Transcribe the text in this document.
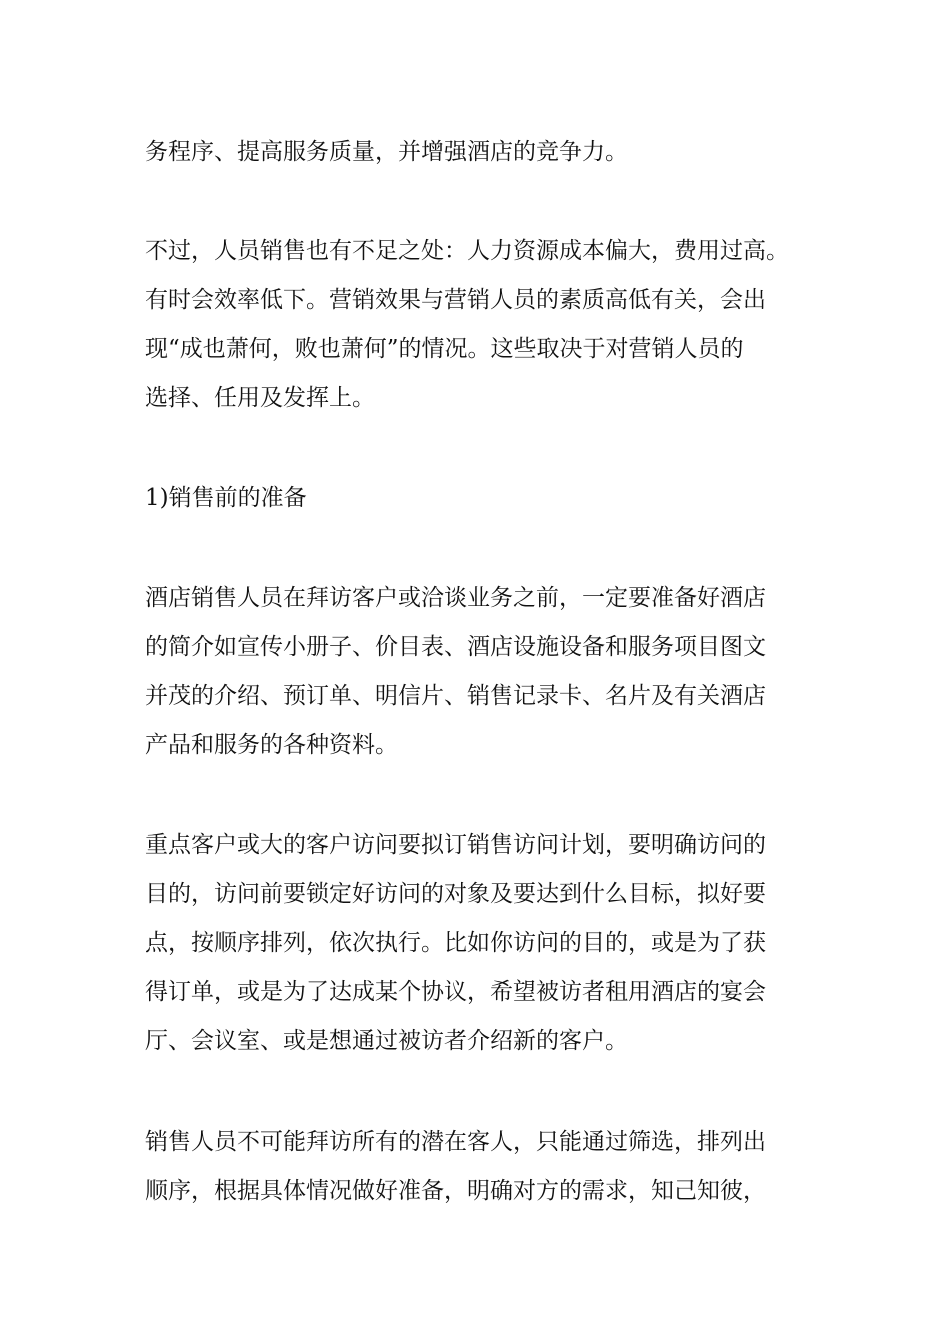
务程序、提高服务质量，并增强酒店的竞争力。
不过，人员销售也有不足之处：人力资源成本偏大，费用过高。
有时会效率低下。营销效果与营销人员的素质高低有关，会出
现“成也萧何，败也萧何”的情况。这些取决于对营销人员的
选择、任用及发挥上。
1)销售前的准备
酒店销售人员在拜访客户或洽谈业务之前，一定要准备好酒店
的简介如宣传小册子、价目表、酒店设施设备和服务项目图文
并茂的介绍、预订单、明信片、销售记录卡、名片及有关酒店
产品和服务的各种资料。
重点客户或大的客户访问要拟订销售访问计划，要明确访问的
目的，访问前要锁定好访问的对象及要达到什么目标，拟好要
点，按顺序排列，依次执行。比如你访问的目的，或是为了获
得订单，或是为了达成某个协议，希望被访者租用酒店的宴会
厅、会议室、或是想通过被访者介绍新的客户。
销售人员不可能拜访所有的潜在客人，只能通过筛选，排列出
顺序，根据具体情况做好准备，明确对方的需求，知己知彼，
